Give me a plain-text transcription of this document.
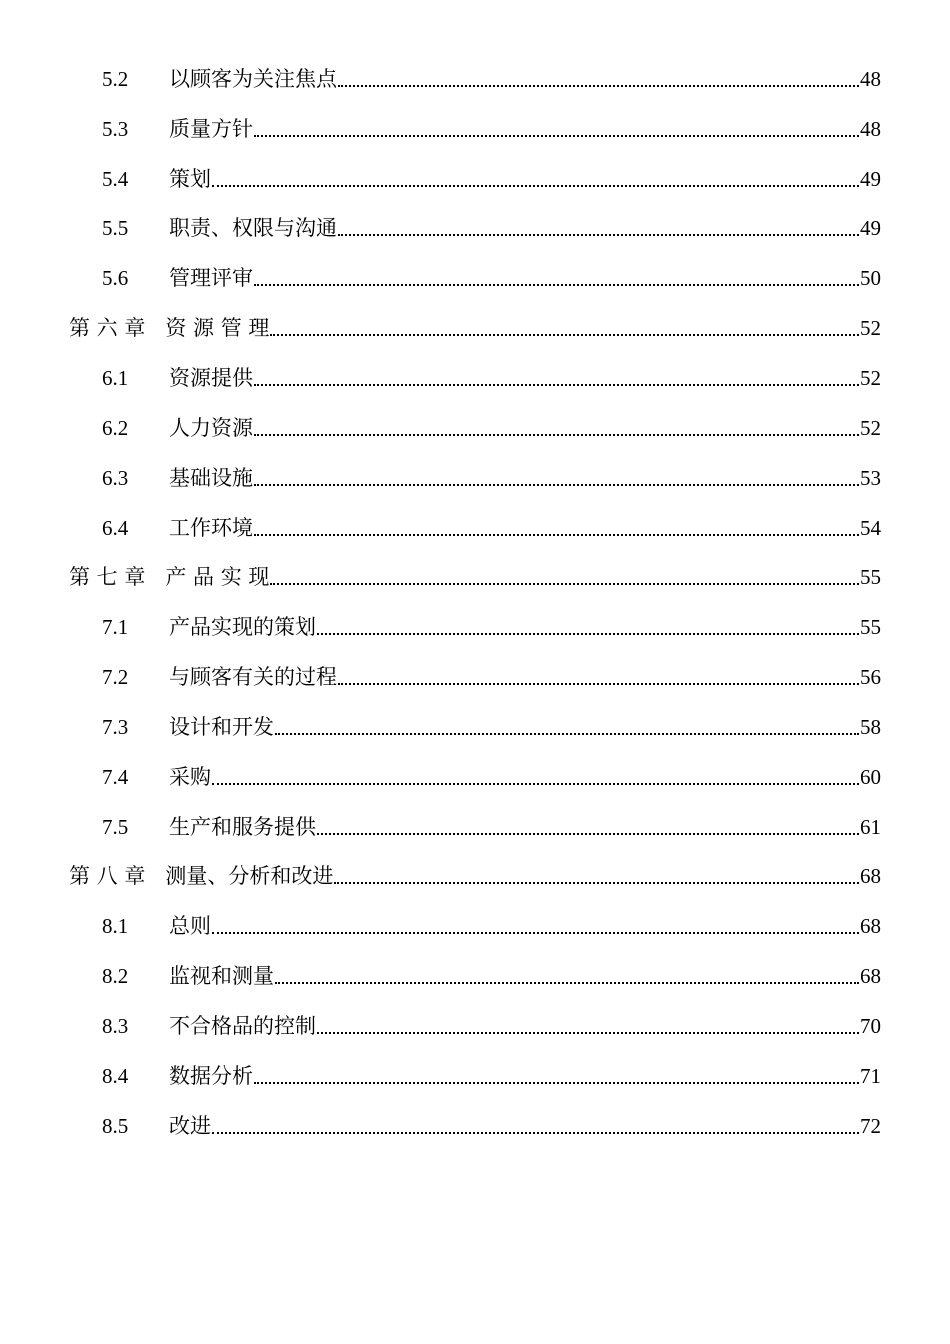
5.2	以顾客为关注焦点	48
5.3	质量方针	48
5.4	策划	49
5.5	职责、权限与沟通	49
5.6	管理评审	50
第 六 章   资 源 管 理	52
6.1	资源提供	52
6.2	人力资源	52
6.3	基础设施	53
6.4	工作环境	54
第 七 章   产 品 实 现	55
7.1	产品实现的策划	55
7.2	与顾客有关的过程	56
7.3	设计和开发	58
7.4	采购	60
7.5	生产和服务提供	61
第 八 章   测量、分析和改进	68
8.1	总则	68
8.2	监视和测量	68
8.3	不合格品的控制	70
8.4	数据分析	71
8.5	改进	72
